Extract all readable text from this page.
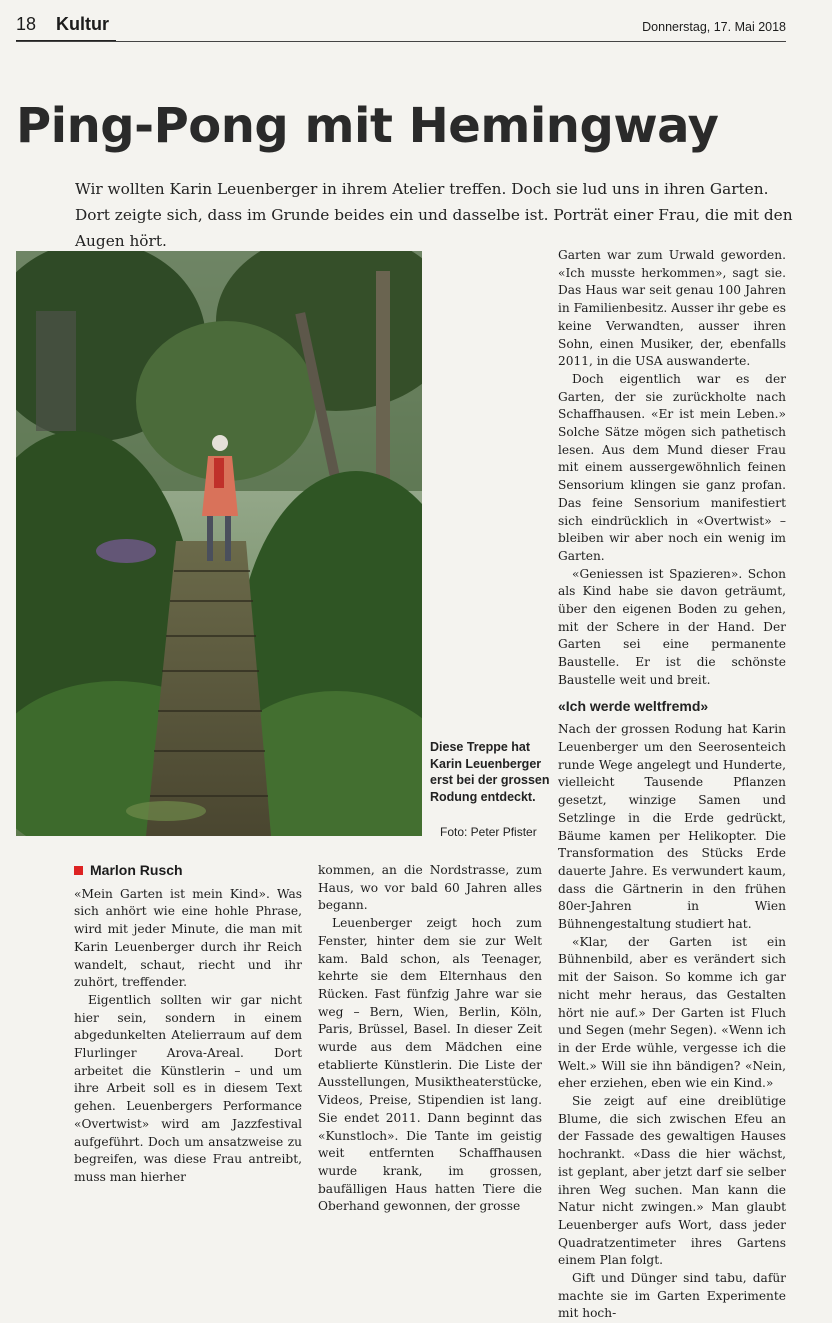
18 Kultur	Donnerstag, 17. Mai 2018
Ping-Pong mit Hemingway
Wir wollten Karin Leuenberger in ihrem Atelier treffen. Doch sie lud uns in ihren Garten. Dort zeigte sich, dass im Grunde beides ein und dasselbe ist. Porträt einer Frau, die mit den Augen hört.
Diese Treppe hat Karin Leuenberger erst bei der grossen Rodung entdeckt.
Foto: Peter Pfister

Garten war zum Urwald geworden. «Ich musste herkommen», sagt sie. Das Haus war seit genau 100 Jahren in Familienbesitz. Ausser ihr gebe es keine Verwandten, ausser ihren Sohn, einen Musiker, der, ebenfalls 2011, in die USA auswanderte.

Doch eigentlich war es der Garten, der sie zurückholte nach Schaffhausen. «Er ist mein Leben.» Solche Sätze mögen sich pathetisch lesen. Aus dem Mund dieser Frau mit einem aussergewöhnlich feinen Sensorium klingen sie ganz profan. Das feine Sensorium manifestiert sich eindrücklich in «Overtwist» – bleiben wir aber noch ein wenig im Garten.

«Geniessen ist Spazieren». Schon als Kind habe sie davon geträumt, über den eigenen Boden zu gehen, mit der Schere in der Hand. Der Garten sei eine permanente Baustelle. Er ist die schönste Baustelle weit und breit.

«Ich werde weltfremd»

Nach der grossen Rodung hat Karin Leuenberger um den Seerosenteich runde Wege angelegt und Hunderte, vielleicht Tausende Pflanzen gesetzt, winzige Samen und Setzlinge in die Erde gedrückt, Bäume kamen per Helikopter. Die Transformation des Stücks Erde dauerte Jahre. Es verwundert kaum, dass die Gärtnerin in den frühen 80er-Jahren in Wien Bühnengestaltung studiert hat.

«Klar, der Garten ist ein Bühnenbild, aber es verändert sich mit der Saison. So komme ich gar nicht mehr heraus, das Gestalten hört nie auf.» Der Garten ist Fluch und Segen (mehr Segen). «Wenn ich in der Erde wühle, vergesse ich die Welt.» Will sie ihn bändigen? «Nein, eher erziehen, eben wie ein Kind.»

Sie zeigt auf eine dreiblütige Blume, die sich zwischen Efeu an der Fassade des gewaltigen Hauses hochrankt. «Dass die hier wächst, ist geplant, aber jetzt darf sie selber ihren Weg suchen. Man kann die Natur nicht zwingen.» Man glaubt Leuenberger aufs Wort, dass jeder Quadratzentimeter ihres Gartens einem Plan folgt.

Gift und Dünger sind tabu, dafür machte sie im Garten Experimente mit hoch-

Marlon Rusch

«Mein Garten ist mein Kind». Was sich anhört wie eine hohle Phrase, wird mit jeder Minute, die man mit Karin Leuenberger durch ihr Reich wandelt, schaut, riecht und ihr zuhört, treffender.

Eigentlich sollten wir gar nicht hier sein, sondern in einem abgedunkelten Atelierraum auf dem Flurlinger Arova-Areal. Dort arbeitet die Künstlerin – und um ihre Arbeit soll es in diesem Text gehen. Leuenbergers Performance «Overtwist» wird am Jazzfestival aufgeführt. Doch um ansatzweise zu begreifen, was diese Frau antreibt, muss man hierher

kommen, an die Nordstrasse, zum Haus, wo vor bald 60 Jahren alles begann.

Leuenberger zeigt hoch zum Fenster, hinter dem sie zur Welt kam. Bald schon, als Teenager, kehrte sie dem Elternhaus den Rücken. Fast fünfzig Jahre war sie weg – Bern, Wien, Berlin, Köln, Paris, Brüssel, Basel. In dieser Zeit wurde aus dem Mädchen eine etablierte Künstlerin. Die Liste der Ausstellungen, Musiktheaterstücke, Videos, Preise, Stipendien ist lang. Sie endet 2011. Dann beginnt das «Kunstloch». Die Tante im geistig weit entfernten Schaffhausen wurde krank, im grossen, baufälligen Haus hatten Tiere die Oberhand gewonnen, der grosse
